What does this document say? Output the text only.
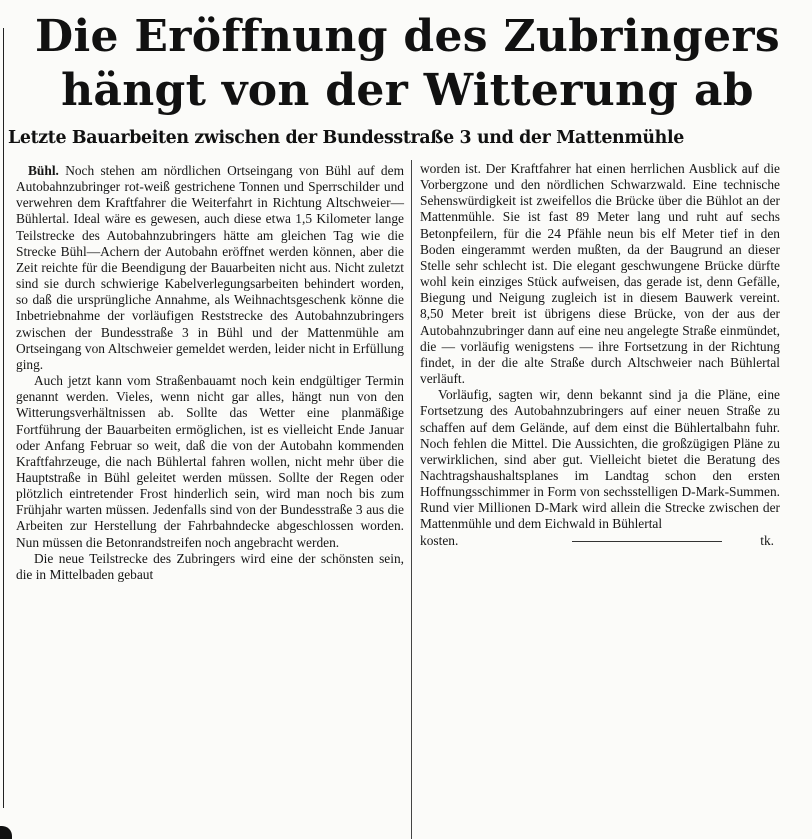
Die Eröffnung des Zubringers
hängt von der Witterung ab
Letzte Bauarbeiten zwischen der Bundesstraße 3 und der Mattenmühle

Bühl. Noch stehen am nördlichen Ortseingang von Bühl auf dem Autobahnzubringer rot-weiß gestrichene Tonnen und Sperrschilder und verwehren dem Kraftfahrer die Weiterfahrt in Richtung Altschweier—Bühlertal. Ideal wäre es gewesen, auch diese etwa 1,5 Kilometer lange Teilstrecke des Autobahnzubringers hätte am gleichen Tag wie die Strecke Bühl—Achern der Autobahn eröffnet werden können, aber die Zeit reichte für die Beendigung der Bauarbeiten nicht aus. Nicht zuletzt sind sie durch schwierige Kabelverlegungsarbeiten behindert worden, so daß die ursprüngliche Annahme, als Weihnachtsgeschenk könne die Inbetriebnahme der vorläufigen Reststrecke des Autobahnzubringers zwischen der Bundesstraße 3 in Bühl und der Mattenmühle am Ortseingang von Altschweier gemeldet werden, leider nicht in Erfüllung ging.

Auch jetzt kann vom Straßenbauamt noch kein endgültiger Termin genannt werden. Vieles, wenn nicht gar alles, hängt nun von den Witterungsverhältnissen ab. Sollte das Wetter eine planmäßige Fortführung der Bauarbeiten ermöglichen, ist es vielleicht Ende Januar oder Anfang Februar so weit, daß die von der Autobahn kommenden Kraftfahrzeuge, die nach Bühlertal fahren wollen, nicht mehr über die Hauptstraße in Bühl geleitet werden müssen. Sollte der Regen oder plötzlich eintretender Frost hinderlich sein, wird man noch bis zum Frühjahr warten müssen. Jedenfalls sind von der Bundesstraße 3 aus die Arbeiten zur Herstellung der Fahrbahndecke abgeschlossen worden. Nun müssen die Betonrandstreifen noch angebracht werden.

Die neue Teilstrecke des Zubringers wird eine der schönsten sein, die in Mittelbaden gebaut

worden ist. Der Kraftfahrer hat einen herrlichen Ausblick auf die Vorbergzone und den nördlichen Schwarzwald. Eine technische Sehenswürdigkeit ist zweifellos die Brücke über die Bühlot an der Mattenmühle. Sie ist fast 89 Meter lang und ruht auf sechs Betonpfeilern, für die 24 Pfähle neun bis elf Meter tief in den Boden eingerammt werden mußten, da der Baugrund an dieser Stelle sehr schlecht ist. Die elegant geschwungene Brücke dürfte wohl kein einziges Stück aufweisen, das gerade ist, denn Gefälle, Biegung und Neigung zugleich ist in diesem Bauwerk vereint. 8,50 Meter breit ist übrigens diese Brücke, von der aus der Autobahnzubringer dann auf eine neu angelegte Straße einmündet, die — vorläufig wenigstens — ihre Fortsetzung in der Richtung findet, in der die alte Straße durch Altschweier nach Bühlertal verläuft.

Vorläufig, sagten wir, denn bekannt sind ja die Pläne, eine Fortsetzung des Autobahnzubringers auf einer neuen Straße zu schaffen auf dem Gelände, auf dem einst die Bühlertalbahn fuhr. Noch fehlen die Mittel. Die Aussichten, die großzügigen Pläne zu verwirklichen, sind aber gut. Vielleicht bietet die Beratung des Nachtragshaushaltsplanes im Landtag schon den ersten Hoffnungsschimmer in Form von sechsstelligen D-Mark-Summen. Rund vier Millionen D-Mark wird allein die Strecke zwischen der Mattenmühle und dem Eichwald in Bühlertal

kosten.	tk.
